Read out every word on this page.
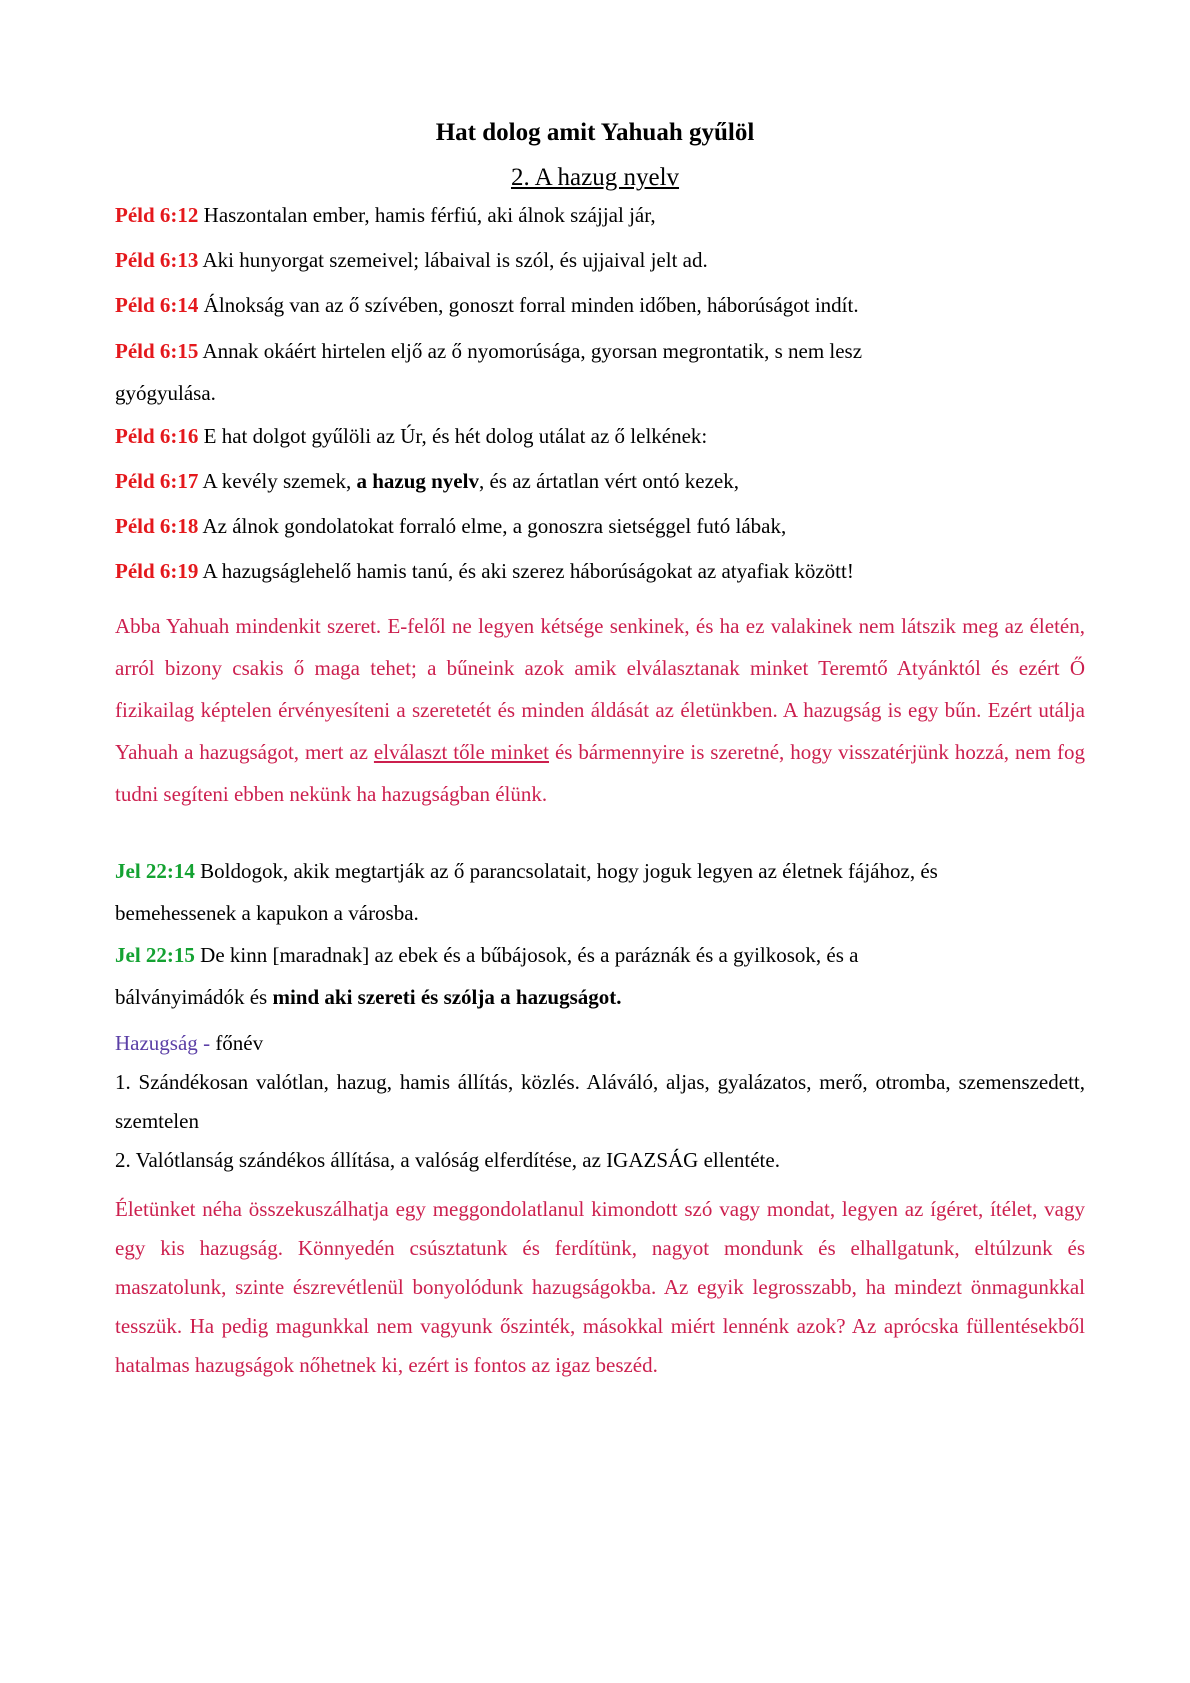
Hat dolog amit Yahuah gyűlöl
2. A hazug nyelv
Péld 6:12 Haszontalan ember, hamis férfiú, aki álnok szájjal jár,
Péld 6:13 Aki hunyorgat szemeivel; lábaival is szól, és ujjaival jelt ad.
Péld 6:14 Álnokság van az ő szívében, gonoszt forral minden időben, háborúságot indít.
Péld 6:15 Annak okáért hirtelen eljő az ő nyomorúsága, gyorsan megrontatik, s nem lesz
gyógyulása.
Péld 6:16 E hat dolgot gyűlöli az Úr, és hét dolog utálat az ő lelkének:
Péld 6:17 A kevély szemek, a hazug nyelv, és az ártatlan vért ontó kezek,
Péld 6:18 Az álnok gondolatokat forraló elme, a gonoszra sietséggel futó lábak,
Péld 6:19 A hazugságlehelő hamis tanú, és aki szerez háborúságokat az atyafiak között!
Abba Yahuah mindenkit szeret. E-felől ne legyen kétsége senkinek, és ha ez valakinek nem látszik meg az életén, arról bizony csakis ő maga tehet; a bűneink azok amik elválasztanak minket Teremtő Atyánktól és ezért Ő fizikailag képtelen érvényesíteni a szeretetét és minden áldását az életünkben. A hazugság is egy bűn. Ezért utálja Yahuah a hazugságot, mert az elválaszt tőle minket és bármennyire is szeretné, hogy visszatérjünk hozzá, nem fog tudni segíteni ebben nekünk ha hazugságban élünk.
Jel 22:14 Boldogok, akik megtartják az ő parancsolatait, hogy joguk legyen az életnek fájához, és
bemehessenek a kapukon a városba.
Jel 22:15 De kinn [maradnak] az ebek és a bűbájosok, és a paráznák és a gyilkosok, és a
bálványimádók és mind aki szereti és szólja a hazugságot.
Hazugság - főnév
1. Szándékosan valótlan, hazug, hamis állítás, közlés. Aláváló, aljas, gyalázatos, merő, otromba, szemenszedett, szemtelen
2. Valótlanság szándékos állítása, a valóság elferdítése, az IGAZSÁG ellentéte.
Életünket néha összekuszálhatja egy meggondolatlanul kimondott szó vagy mondat, legyen az ígéret, ítélet, vagy egy kis hazugság. Könnyedén csúsztatunk és ferdítünk, nagyot mondunk és elhallgatunk, eltúlzunk és maszatolunk, szinte észrevétlenül bonyolódunk hazugságokba. Az egyik legrosszabb, ha mindezt önmagunkkal tesszük. Ha pedig magunkkal nem vagyunk őszinték, másokkal miért lennénk azok? Az aprócska füllentésekből hatalmas hazugságok nőhetnek ki, ezért is fontos az igaz beszéd.
